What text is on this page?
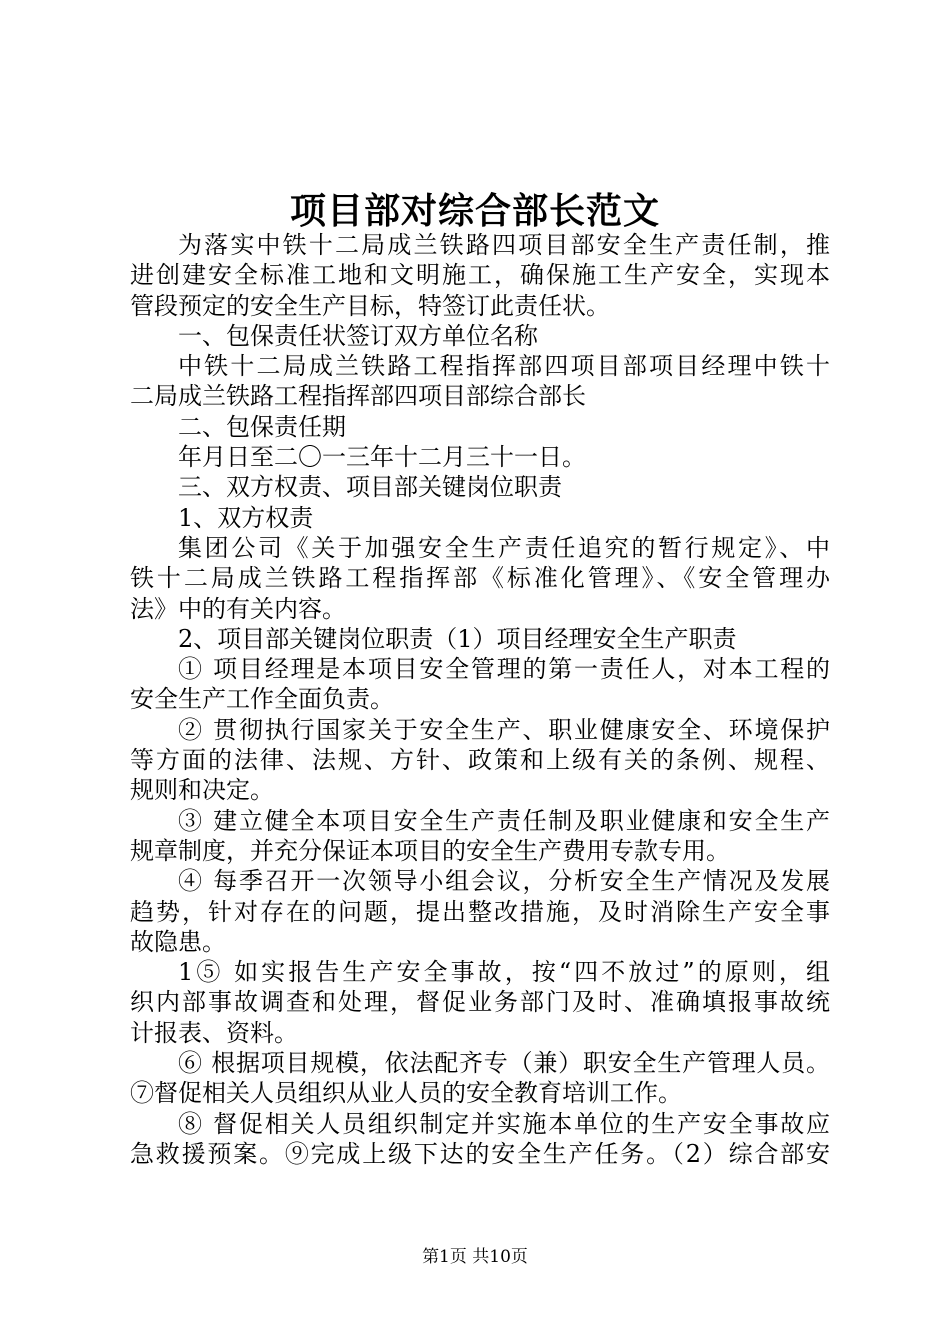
项目部对综合部长范文
为落实中铁十二局成兰铁路四项目部安全生产责任制，推
进创建安全标准工地和文明施工，确保施工生产安全，实现本
管段预定的安全生产目标，特签订此责任状。
一、包保责任状签订双方单位名称
中铁十二局成兰铁路工程指挥部四项目部项目经理中铁十
二局成兰铁路工程指挥部四项目部综合部长
二、包保责任期
年月日至二〇一三年十二月三十一日。
三、双方权责、项目部关键岗位职责
1、双方权责
集团公司《关于加强安全生产责任追究的暂行规定》、中
铁十二局成兰铁路工程指挥部《标准化管理》、《安全管理办
法》中的有关内容。
2、项目部关键岗位职责（1）项目经理安全生产职责
① 项目经理是本项目安全管理的第一责任人，对本工程的
安全生产工作全面负责。
② 贯彻执行国家关于安全生产、职业健康安全、环境保护
等方面的法律、法规、方针、政策和上级有关的条例、规程、
规则和决定。
③ 建立健全本项目安全生产责任制及职业健康和安全生产
规章制度，并充分保证本项目的安全生产费用专款专用。
④ 每季召开一次领导小组会议，分析安全生产情况及发展
趋势，针对存在的问题，提出整改措施，及时消除生产安全事
故隐患。
1⑤ 如实报告生产安全事故，按“四不放过”的原则，组
织内部事故调查和处理，督促业务部门及时、准确填报事故统
计报表、资料。
⑥ 根据项目规模，依法配齐专（兼）职安全生产管理人员。
⑦督促相关人员组织从业人员的安全教育培训工作。
⑧ 督促相关人员组织制定并实施本单位的生产安全事故应
急救援预案。⑨完成上级下达的安全生产任务。（2）综合部安
第1页 共10页
